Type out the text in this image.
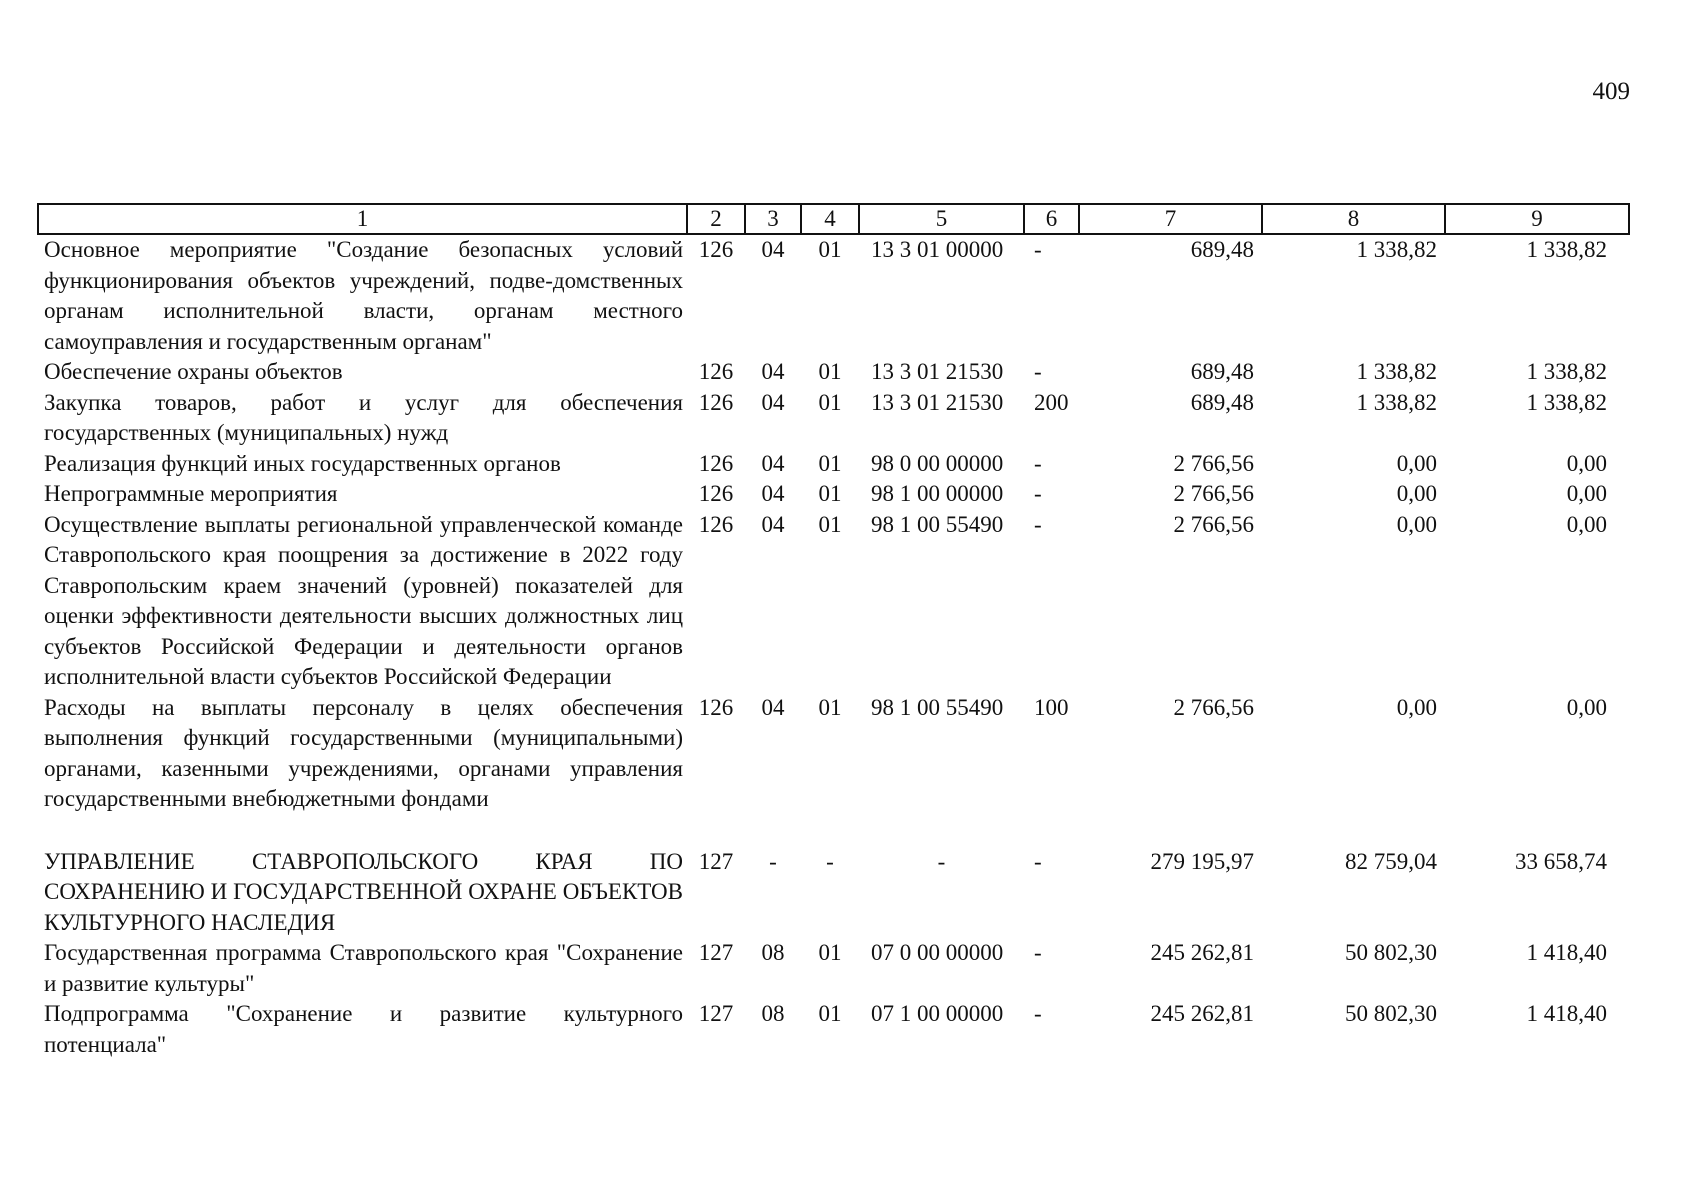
409
1	2	3	4	5	6	7	8	9
Основное мероприятие "Создание безопасных условий функционирования объектов учреждений, подве-домственных органам исполнительной власти, органам местного самоуправления и государственным органам"	126	04	01	13 3 01 00000	-	689,48	1 338,82	1 338,82
Обеспечение охраны объектов	126	04	01	13 3 01 21530	-	689,48	1 338,82	1 338,82
Закупка товаров, работ и услуг для обеспечения государственных (муниципальных) нужд	126	04	01	13 3 01 21530	200	689,48	1 338,82	1 338,82
Реализация функций иных государственных органов	126	04	01	98 0 00 00000	-	2 766,56	0,00	0,00
Непрограммные мероприятия	126	04	01	98 1 00 00000	-	2 766,56	0,00	0,00
Осуществление выплаты региональной управленческой команде Ставропольского края поощрения за достижение в 2022 году Ставропольским краем значений (уровней) показателей для оценки эффективности деятельности высших должностных лиц субъектов Российской Федерации и деятельности органов исполнительной власти субъектов Российской Федерации	126	04	01	98 1 00 55490	-	2 766,56	0,00	0,00
Расходы на выплаты персоналу в целях обеспечения выполнения функций государственными (муниципальными) органами, казенными учреждениями, органами управления государственными внебюджетными фондами	126	04	01	98 1 00 55490	100	2 766,56	0,00	0,00

УПРАВЛЕНИЕ СТАВРОПОЛЬСКОГО КРАЯ ПО СОХРАНЕНИЮ И ГОСУДАРСТВЕННОЙ ОХРАНЕ ОБЪЕКТОВ КУЛЬТУРНОГО НАСЛЕДИЯ	127	-	-	-	-	279 195,97	82 759,04	33 658,74
Государственная программа Ставропольского края "Сохранение и развитие культуры"	127	08	01	07 0 00 00000	-	245 262,81	50 802,30	1 418,40
Подпрограмма "Сохранение и развитие культурного потенциала"	127	08	01	07 1 00 00000	-	245 262,81	50 802,30	1 418,40
